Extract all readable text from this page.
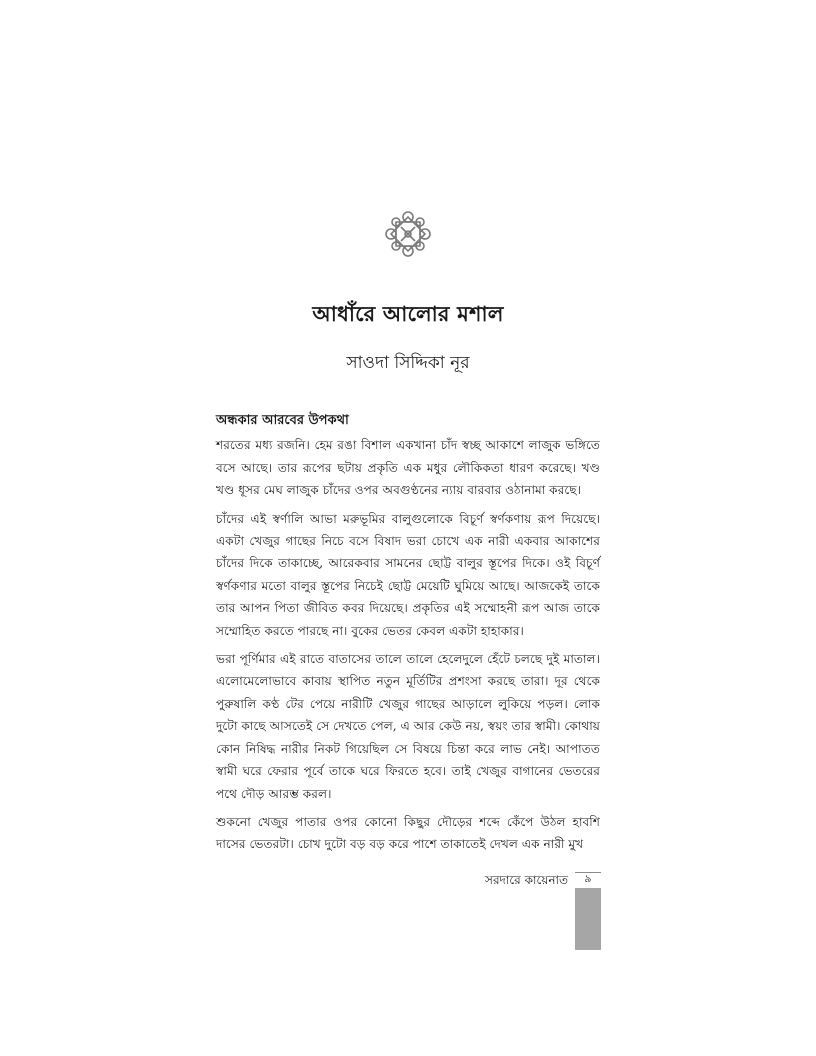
আধাঁরে আলোর মশাল
সাওদা সিদ্দিকা নূর
অন্ধকার আরবের উপকথা

শরতের মধ্য রজনি। হেম রঙা বিশাল একখানা চাঁদ স্বচ্ছ আকাশে লাজুক ভঙ্গিতে বসে আছে। তার রূপের ছটায় প্রকৃতি এক মধুর লৌকিকতা ধারণ করেছে। খণ্ড খণ্ড ধূসর মেঘ লাজুক চাঁদের ওপর অবগুণ্ঠনের ন্যায় বারবার ওঠানামা করছে।

চাঁদের এই স্বর্ণালি আভা মরুভূমির বালুগুলোকে বিচূর্ণ স্বর্ণকণায় রূপ দিয়েছে। একটা খেজুর গাছের নিচে বসে বিষাদ ভরা চোখে এক নারী একবার আকাশের চাঁদের দিকে তাকাচ্ছে, আরেকবার সামনের ছোট্ট বালুর স্তূপের দিকে। ওই বিচূর্ণ স্বর্ণকণার মতো বালুর স্তূপের নিচেই ছোট্ট মেয়েটি ঘুমিয়ে আছে। আজকেই তাকে তার আপন পিতা জীবিত কবর দিয়েছে। প্রকৃতির এই সম্মোহনী রূপ আজ তাকে সম্মোহিত করতে পারছে না। বুকের ভেতর কেবল একটা হাহাকার।

ভরা পূর্ণিমার এই রাতে বাতাসের তালে তালে হেলেদুলে হেঁটে চলছে দুই মাতাল। এলোমেলোভাবে কাবায় স্থাপিত নতুন মূর্তিটির প্রশংসা করছে তারা। দূর থেকে পুরুষালি কণ্ঠ টের পেয়ে নারীটি খেজুর গাছের আড়ালে লুকিয়ে পড়ল। লোক দুটো কাছে আসতেই সে দেখতে পেল, এ আর কেউ নয়, স্বয়ং তার স্বামী। কোথায় কোন নিষিদ্ধ নারীর নিকট গিয়েছিল সে বিষয়ে চিন্তা করে লাভ নেই। আপাতত স্বামী ঘরে ফেরার পূর্বে তাকে ঘরে ফিরতে হবে। তাই খেজুর বাগানের ভেতরের পথে দৌড় আরম্ভ করল।

শুকনো খেজুর পাতার ওপর কোনো কিছুর দৌড়ের শব্দে কেঁপে উঠল হাবশি দাসের ভেতরটা। চোখ দুটো বড় বড় করে পাশে তাকাতেই দেখল এক নারী মুখ

সরদারে কায়েনাত	৯
